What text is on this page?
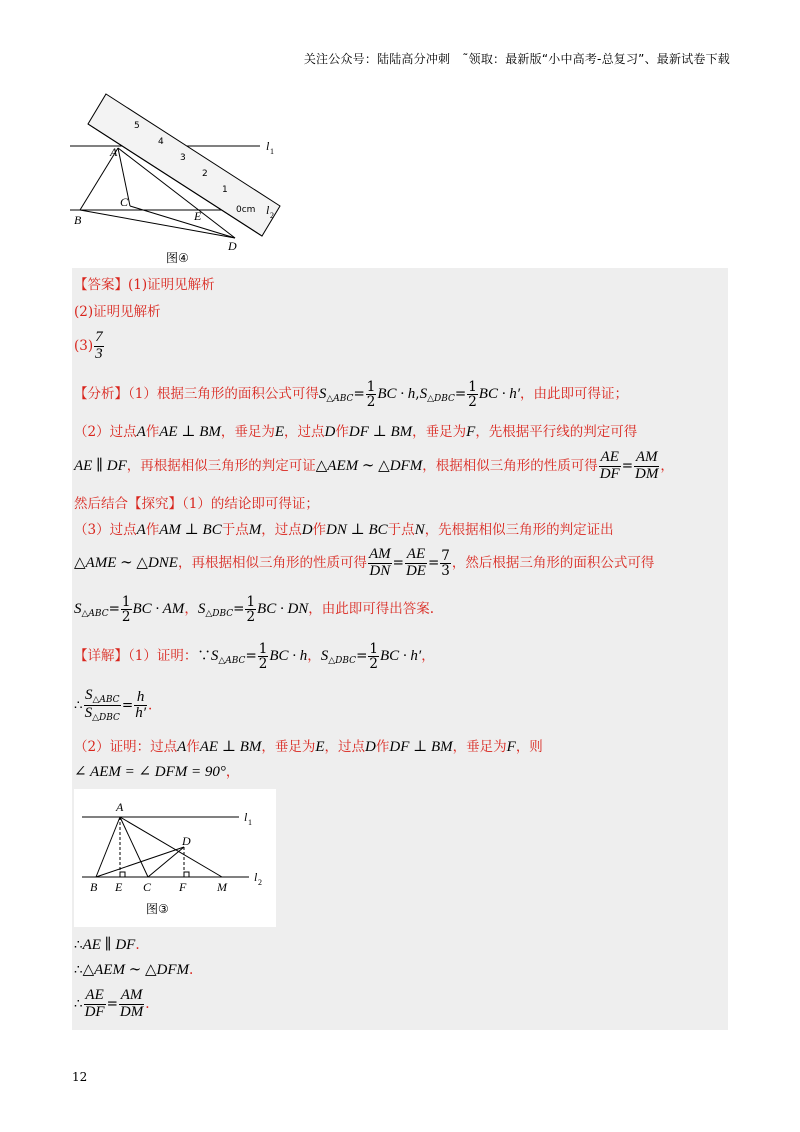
关注公众号：陆陆高分冲刺　˜领取：最新版“小中高考-总复习”、最新试卷下载
5
4
3
2
1
0cm
A
B
C
D
E
l 1
l 2
图④
【答案】(1)证明见解析
(2)证明见解析
$(3) \frac{7}{3}$
【分析】（1）根据三角形的面积公式可得$S_{\triangle ABC}= \frac{1}{2}$ BC · $h,S_{\triangle DBC}= \frac{1}{2}$ BC · h′，由此即可得证；
（2）过点A作AE ⊥ BM，垂足为E，过点D作DF ⊥ BM，垂足为F，先根据平行线的判定可得
AE ∥ DF，再根据相似三角形的判定可证△AEM ∼ △DFM，根据相似三角形的性质可得 $\frac{AE}{DF} = \frac{AM}{DM}$ ，
然后结合【探究】（1）的结论即可得证；
（3）过点A作AM ⊥ BC于点M，过点D作DN ⊥ BC于点N，先根据相似三角形的判定证出
△AME ∼ △DNE，再根据相似三角形的性质可得 $\frac{AM}{DN} = \frac{AE}{DE} = \frac{7}{3}$ ，然后根据三角形的面积公式可得
$S_{\triangle ABC}= \frac{1}{2}$ BC · AM，$S_{\triangle DBC}= \frac{1}{2}$ BC · DN，由此即可得出答案.
【详解】（1）证明：$\because S_{\triangle ABC}= \frac{1}{2}$ BC · h，$S_{\triangle DBC}= \frac{1}{2}$ BC · h′，
∴ $\frac{S_{\triangle ABC}}{S_{\triangle DBC}} = \frac{h}{h'}$ .
（2）证明：过点A作AE ⊥ BM，垂足为E，过点D作DF ⊥ BM，垂足为F，则
∠ AEM = ∠ DFM = 90°，
A
B E C F	M
D
l 1
l 2
图③
∴AE ∥ DF.
∴△AEM ∼ △DFM.
∴ $\frac{AE}{DF} = \frac{AM}{DM}$ .
12
